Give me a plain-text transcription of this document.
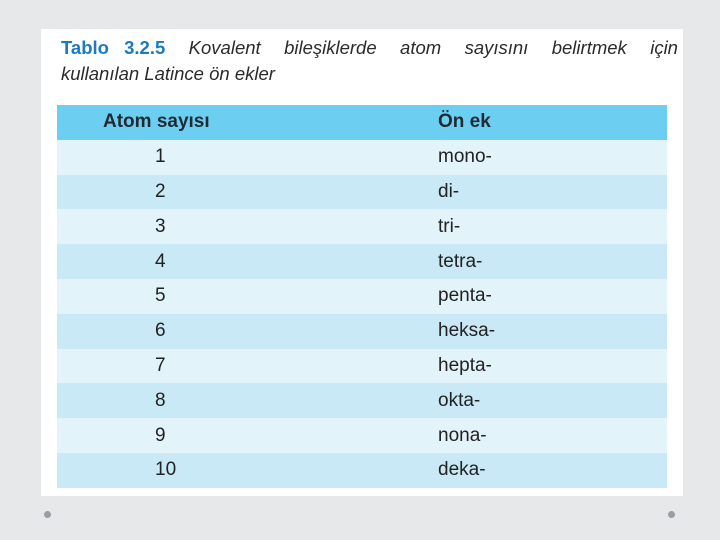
Tablo 3.2.5 Kovalent bileşiklerde atom sayısını belirtmek için
kullanılan Latince ön ekler
Atom sayısı	Ön ek
1	mono-
2	di-
3	tri-
4	tetra-
5	penta-
6	heksa-
7	hepta-
8	okta-
9	nona-
10	deka-
